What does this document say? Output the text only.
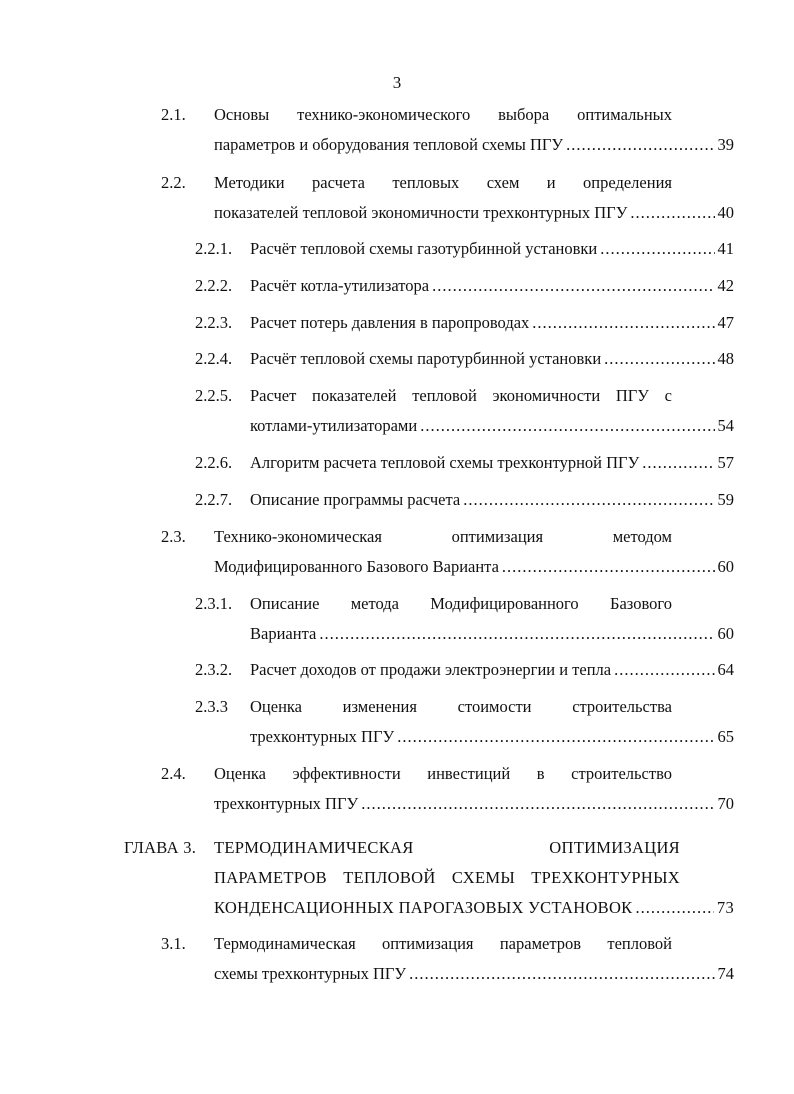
3
2.1. Основы технико-экономического выбора оптимальных
параметров и оборудования тепловой схемы ПГУ .....	39
2.2. Методики расчета тепловых схем и определения
показателей тепловой экономичности трехконтурных ПГУ .....	40
2.2.1. Расчёт тепловой схемы газотурбинной установки .....	41
2.2.2. Расчёт котла-утилизатора .....	42
2.2.3. Расчет потерь давления в паропроводах .....	47
2.2.4. Расчёт тепловой схемы паротурбинной установки .....	48
2.2.5. Расчет показателей тепловой экономичности ПГУ с
котлами-утилизаторами .....	54
2.2.6. Алгоритм расчета тепловой схемы трехконтурной ПГУ .....	57
2.2.7. Описание программы расчета .....	59
2.3. Технико-экономическая оптимизация методом
Модифицированного Базового Варианта .....	60
2.3.1. Описание метода Модифицированного Базового
Варианта .....	60
2.3.2. Расчет доходов от продажи электроэнергии и тепла .....	64
2.3.3 Оценка изменения стоимости строительства
трехконтурных ПГУ .....	65
2.4. Оценка эффективности инвестиций в строительство
трехконтурных ПГУ .....	70
ГЛАВА 3. ТЕРМОДИНАМИЧЕСКАЯ ОПТИМИЗАЦИЯ
ПАРАМЕТРОВ ТЕПЛОВОЙ СХЕМЫ ТРЕХКОНТУРНЫХ
КОНДЕНСАЦИОННЫХ ПАРОГАЗОВЫХ УСТАНОВОК .....	73
3.1. Термодинамическая оптимизация параметров тепловой
схемы трехконтурных ПГУ .....	74
